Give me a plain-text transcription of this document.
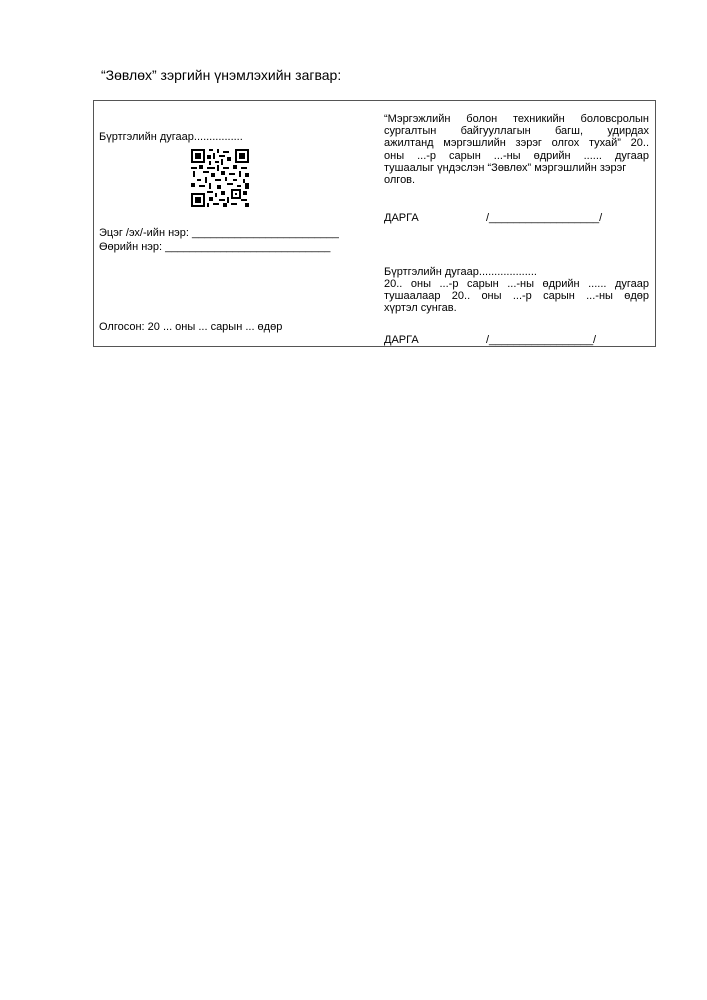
“Зөвлөх” зэргийн үнэмлэхийн загвар:
Бүртгэлийн дугаар................
Эцэг /эх/-ийн нэр: ________________________
Өөрийн нэр: ___________________________
Олгосон: 20 ... оны ... сарын ... өдөр
“Мэргэжлийн болон техникийн боловсролын
сургалтын байгууллагын багш, удирдах
ажилтанд мэргэшлийн зэрэг олгох тухай” 20..
оны ...-р сарын ...-ны өдрийн ...... дугаар
тушаалыг үндэслэн “Зөвлөх” мэргэшлийн зэрэг олгов.
ДАРГА	/__________________/
Бүртгэлийн дугаар...................
20.. оны ...-р сарын ...-ны өдрийн ...... дугаар
тушаалаар 20.. оны ...-р сарын ...-ны өдөр
хүртэл сунгав.
ДАРГА	/_________________/
